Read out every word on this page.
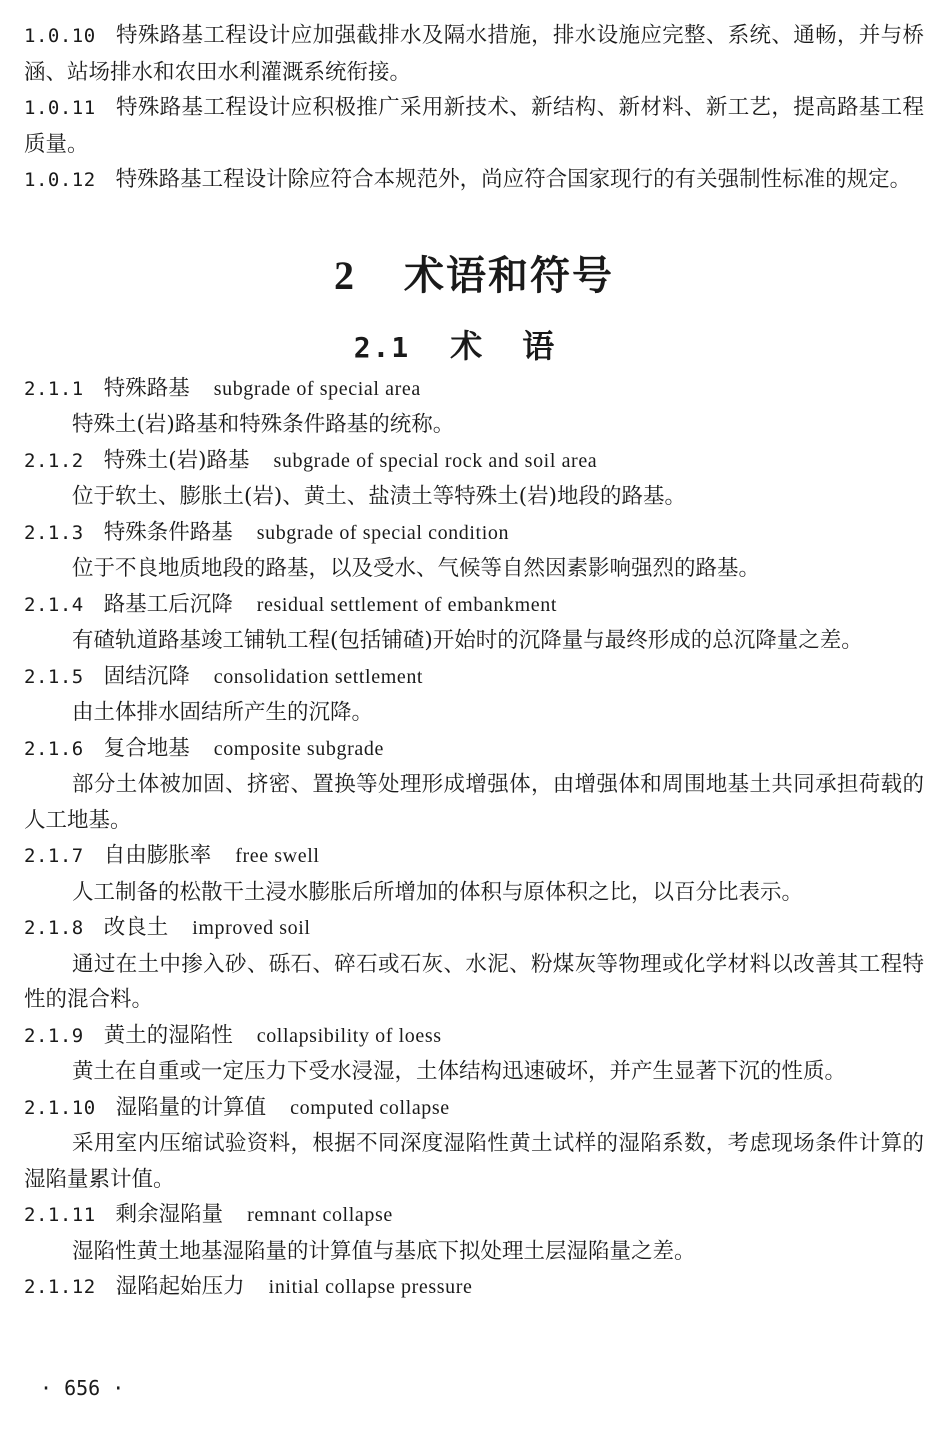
1.0.10 特殊路基工程设计应加强截排水及隔水措施，排水设施应完整、系统、通畅，并与桥涵、站场排水和农田水利灌溉系统衔接。

1.0.11 特殊路基工程设计应积极推广采用新技术、新结构、新材料、新工艺，提高路基工程质量。

1.0.12 特殊路基工程设计除应符合本规范外，尚应符合国家现行的有关强制性标准的规定。

2 术语和符号
2.1 术语
2.1.1 特殊路基 subgrade of special area
特殊土(岩)路基和特殊条件路基的统称。
2.1.2 特殊土(岩)路基 subgrade of special rock and soil area
位于软土、膨胀土(岩)、黄土、盐渍土等特殊土(岩)地段的路基。
2.1.3 特殊条件路基 subgrade of special condition
位于不良地质地段的路基，以及受水、气候等自然因素影响强烈的路基。
2.1.4 路基工后沉降 residual settlement of embankment
有碴轨道路基竣工铺轨工程(包括铺碴)开始时的沉降量与最终形成的总沉降量之差。
2.1.5 固结沉降 consolidation settlement
由土体排水固结所产生的沉降。
2.1.6 复合地基 composite subgrade
部分土体被加固、挤密、置换等处理形成增强体，由增强体和周围地基土共同承担荷载的人工地基。
2.1.7 自由膨胀率 free swell
人工制备的松散干土浸水膨胀后所增加的体积与原体积之比，以百分比表示。
2.1.8 改良土 improved soil
通过在土中掺入砂、砾石、碎石或石灰、水泥、粉煤灰等物理或化学材料以改善其工程特性的混合料。
2.1.9 黄土的湿陷性 collapsibility of loess
黄土在自重或一定压力下受水浸湿，土体结构迅速破坏，并产生显著下沉的性质。
2.1.10 湿陷量的计算值 computed collapse
采用室内压缩试验资料，根据不同深度湿陷性黄土试样的湿陷系数，考虑现场条件计算的湿陷量累计值。
2.1.11 剩余湿陷量 remnant collapse
湿陷性黄土地基湿陷量的计算值与基底下拟处理土层湿陷量之差。
2.1.12 湿陷起始压力 initial collapse pressure
· 656 ·
